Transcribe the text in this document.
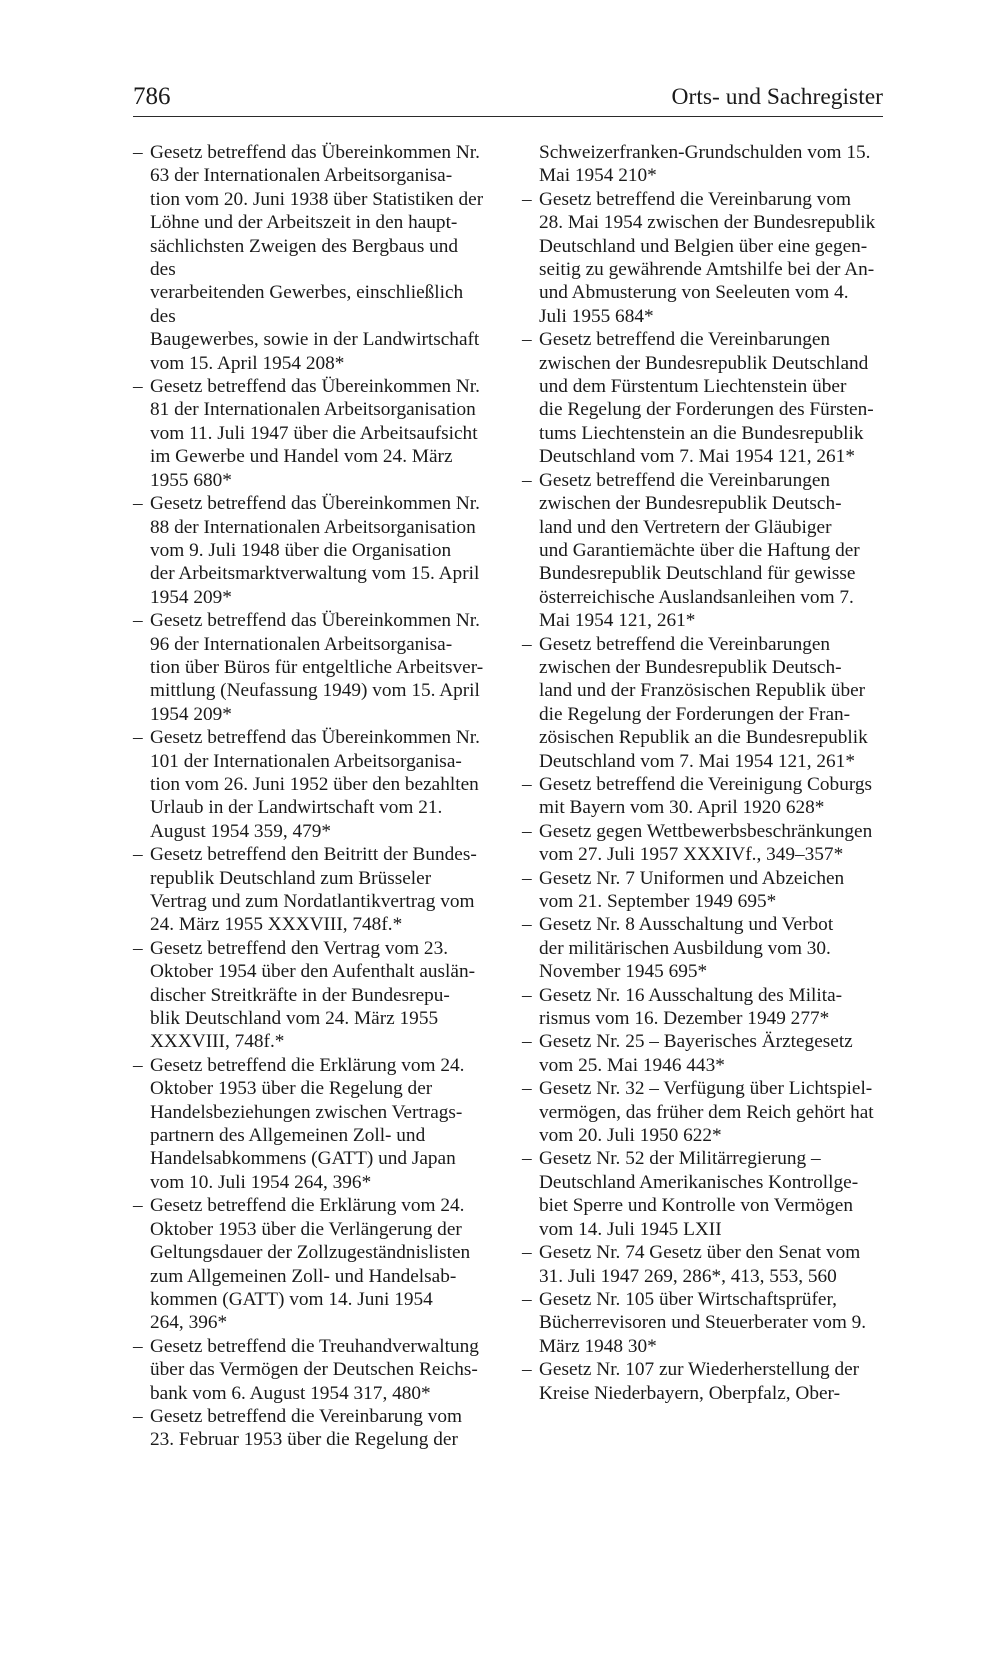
786	Orts- und Sachregister
– Gesetz betreffend das Übereinkommen Nr.
63 der Internationalen Arbeitsorganisa-
tion vom 20. Juni 1938 über Statistiken der
Löhne und der Arbeitszeit in den haupt-
sächlichsten Zweigen des Bergbaus und des
verarbeitenden Gewerbes, einschließlich des
Baugewerbes, sowie in der Landwirtschaft
vom 15. April 1954 208*
– Gesetz betreffend das Übereinkommen Nr.
81 der Internationalen Arbeitsorganisation
vom 11. Juli 1947 über die Arbeitsaufsicht
im Gewerbe und Handel vom 24. März
1955 680*
– Gesetz betreffend das Übereinkommen Nr.
88 der Internationalen Arbeitsorganisation
vom 9. Juli 1948 über die Organisation
der Arbeitsmarktverwaltung vom 15. April
1954 209*
– Gesetz betreffend das Übereinkommen Nr.
96 der Internationalen Arbeitsorganisa-
tion über Büros für entgeltliche Arbeitsver-
mittlung (Neufassung 1949) vom 15. April
1954 209*
– Gesetz betreffend das Übereinkommen Nr.
101 der Internationalen Arbeitsorganisa-
tion vom 26. Juni 1952 über den bezahlten
Urlaub in der Landwirtschaft vom 21.
August 1954 359, 479*
– Gesetz betreffend den Beitritt der Bundes-
republik Deutschland zum Brüsseler
Vertrag und zum Nordatlantikvertrag vom
24. März 1955 XXXVIII, 748f.*
– Gesetz betreffend den Vertrag vom 23.
Oktober 1954 über den Aufenthalt auslän-
discher Streitkräfte in der Bundesrepu-
blik Deutschland vom 24. März 1955
XXXVIII, 748f.*
– Gesetz betreffend die Erklärung vom 24.
Oktober 1953 über die Regelung der
Handelsbeziehungen zwischen Vertrags-
partnern des Allgemeinen Zoll- und
Handelsabkommens (GATT) und Japan
vom 10. Juli 1954 264, 396*
– Gesetz betreffend die Erklärung vom 24.
Oktober 1953 über die Verlängerung der
Geltungsdauer der Zollzugeständnislisten
zum Allgemeinen Zoll- und Handelsab-
kommen (GATT) vom 14. Juni 1954
264, 396*
– Gesetz betreffend die Treuhandverwaltung
über das Vermögen der Deutschen Reichs-
bank vom 6. August 1954 317, 480*
– Gesetz betreffend die Vereinbarung vom
23. Februar 1953 über die Regelung der
Schweizerfranken-Grundschulden vom 15.
Mai 1954 210*
– Gesetz betreffend die Vereinbarung vom
28. Mai 1954 zwischen der Bundesrepublik
Deutschland und Belgien über eine gegen-
seitig zu gewährende Amtshilfe bei der An-
und Abmusterung von Seeleuten vom 4.
Juli 1955 684*
– Gesetz betreffend die Vereinbarungen
zwischen der Bundesrepublik Deutschland
und dem Fürstentum Liechtenstein über
die Regelung der Forderungen des Fürsten-
tums Liechtenstein an die Bundesrepublik
Deutschland vom 7. Mai 1954 121, 261*
– Gesetz betreffend die Vereinbarungen
zwischen der Bundesrepublik Deutsch-
land und den Vertretern der Gläubiger
und Garantiemächte über die Haftung der
Bundesrepublik Deutschland für gewisse
österreichische Auslandsanleihen vom 7.
Mai 1954 121, 261*
– Gesetz betreffend die Vereinbarungen
zwischen der Bundesrepublik Deutsch-
land und der Französischen Republik über
die Regelung der Forderungen der Fran-
zösischen Republik an die Bundesrepublik
Deutschland vom 7. Mai 1954 121, 261*
– Gesetz betreffend die Vereinigung Coburgs
mit Bayern vom 30. April 1920 628*
– Gesetz gegen Wettbewerbsbeschränkungen
vom 27. Juli 1957 XXXIVf., 349–357*
– Gesetz Nr. 7 Uniformen und Abzeichen
vom 21. September 1949 695*
– Gesetz Nr. 8 Ausschaltung und Verbot
der militärischen Ausbildung vom 30.
November 1945 695*
– Gesetz Nr. 16 Ausschaltung des Milita-
rismus vom 16. Dezember 1949 277*
– Gesetz Nr. 25 – Bayerisches Ärztegesetz
vom 25. Mai 1946 443*
– Gesetz Nr. 32 – Verfügung über Lichtspiel-
vermögen, das früher dem Reich gehört hat
vom 20. Juli 1950 622*
– Gesetz Nr. 52 der Militärregierung –
Deutschland Amerikanisches Kontrollge-
biet Sperre und Kontrolle von Vermögen
vom 14. Juli 1945 LXII
– Gesetz Nr. 74 Gesetz über den Senat vom
31. Juli 1947 269, 286*, 413, 553, 560
– Gesetz Nr. 105 über Wirtschaftsprüfer,
Bücherrevisoren und Steuerberater vom 9.
März 1948 30*
– Gesetz Nr. 107 zur Wiederherstellung der
Kreise Niederbayern, Oberpfalz, Ober-
